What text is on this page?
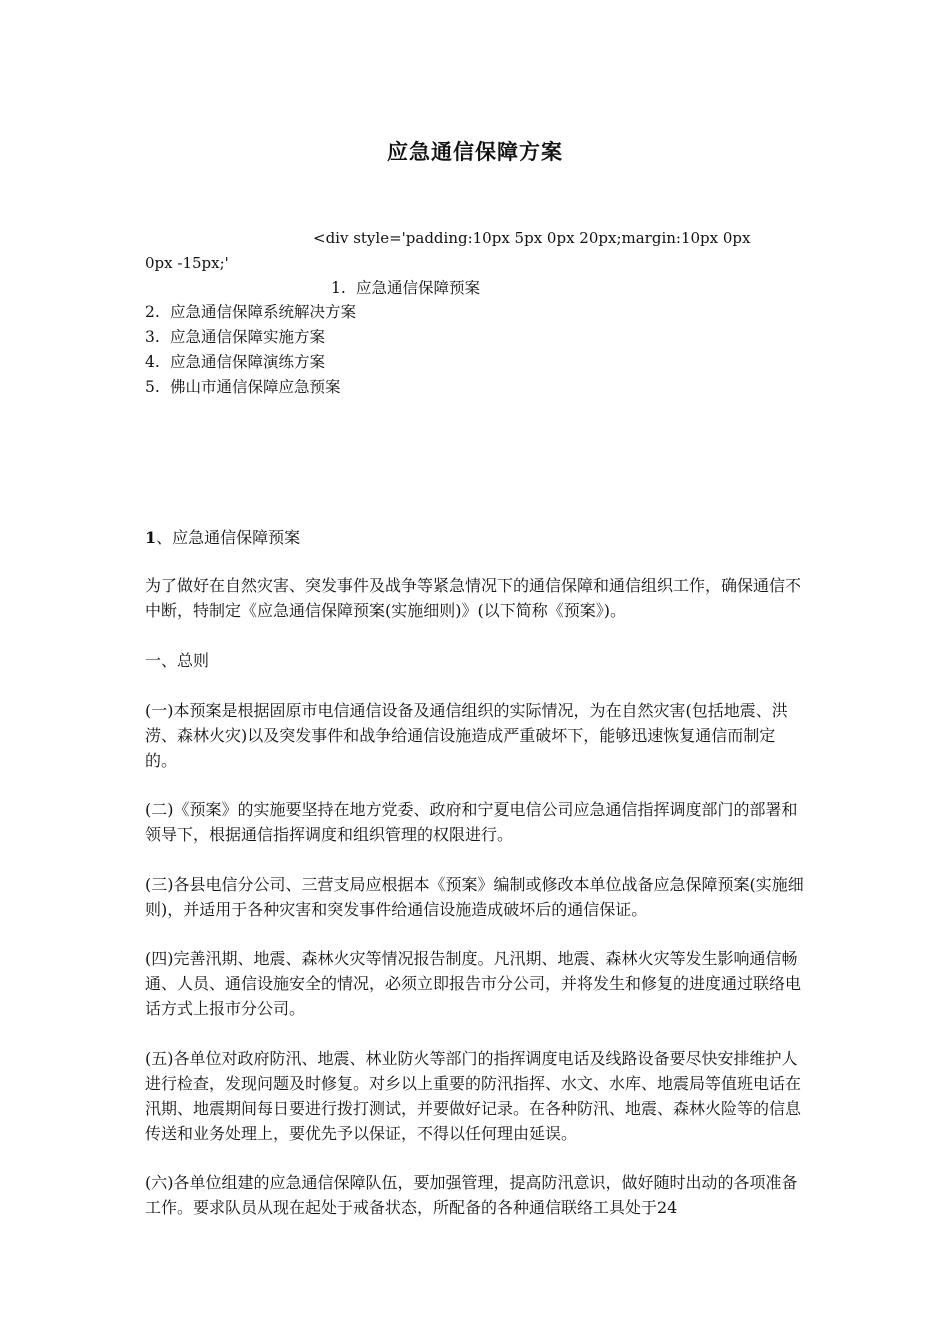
应急通信保障方案
<div style='padding:10px 5px 0px 20px;margin:10px 0px
0px -15px;'
1. 应急通信保障预案
2. 应急通信保障系统解决方案
3. 应急通信保障实施方案
4. 应急通信保障演练方案
5. 佛山市通信保障应急预案
1、应急通信保障预案

为了做好在自然灾害、突发事件及战争等紧急情况下的通信保障和通信组织工作，确保通信不中断，特制定《应急通信保障预案(实施细则)》(以下简称《预案》)。

一、总则

(一)本预案是根据固原市电信通信设备及通信组织的实际情况，为在自然灾害(包括地震、洪涝、森林火灾)以及突发事件和战争给通信设施造成严重破坏下，能够迅速恢复通信而制定的。

(二)《预案》的实施要坚持在地方党委、政府和宁夏电信公司应急通信指挥调度部门的部署和领导下，根据通信指挥调度和组织管理的权限进行。

(三)各县电信分公司、三营支局应根据本《预案》编制或修改本单位战备应急保障预案(实施细则)，并适用于各种灾害和突发事件给通信设施造成破坏后的通信保证。

(四)完善汛期、地震、森林火灾等情况报告制度。凡汛期、地震、森林火灾等发生影响通信畅通、人员、通信设施安全的情况，必须立即报告市分公司，并将发生和修复的进度通过联络电话方式上报市分公司。

(五)各单位对政府防汛、地震、林业防火等部门的指挥调度电话及线路设备要尽快安排维护人进行检查，发现问题及时修复。对乡以上重要的防汛指挥、水文、水库、地震局等值班电话在汛期、地震期间每日要进行拨打测试，并要做好记录。在各种防汛、地震、森林火险等的信息传送和业务处理上，要优先予以保证，不得以任何理由延误。

(六)各单位组建的应急通信保障队伍，要加强管理，提高防汛意识，做好随时出动的各项准备工作。要求队员从现在起处于戒备状态，所配备的各种通信联络工具处于24
